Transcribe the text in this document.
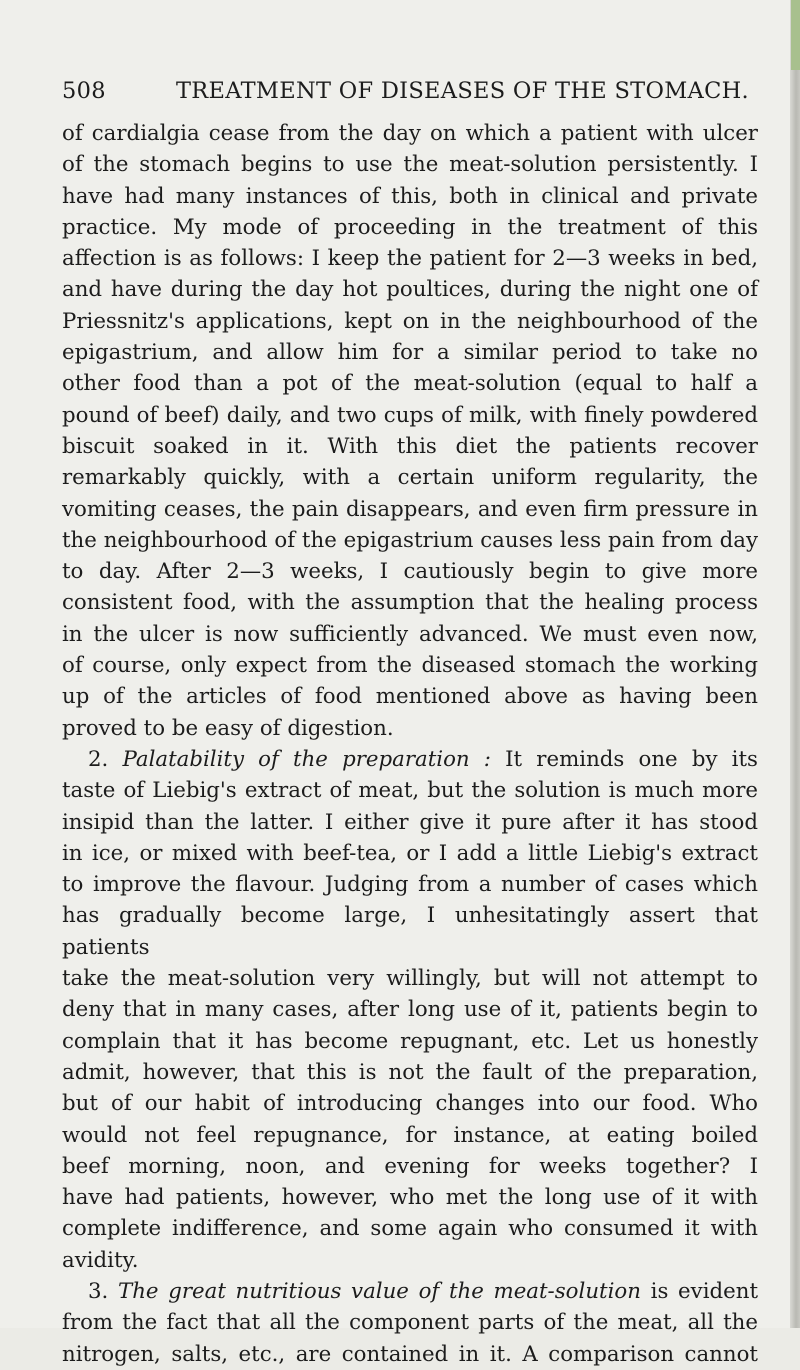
508	TREATMENT OF DISEASES OF THE STOMACH.

of cardialgia cease from the day on which a patient with ulcer

of the stomach begins to use the meat-solution persistently. I

have had many instances of this, both in clinical and private

practice. My mode of proceeding in the treatment of this

affection is as follows: I keep the patient for 2—3 weeks in bed,

and have during the day hot poultices, during the night one of

Priessnitz's applications, kept on in the neighbourhood of the

epigastrium, and allow him for a similar period to take no

other food than a pot of the meat-solution (equal to half a

pound of beef) daily, and two cups of milk, with finely powdered

biscuit soaked in it. With this diet the patients recover

remarkably quickly, with a certain uniform regularity, the

vomiting ceases, the pain disappears, and even firm pressure in

the neighbourhood of the epigastrium causes less pain from day

to day. After 2—3 weeks, I cautiously begin to give more

consistent food, with the assumption that the healing process

in the ulcer is now sufficiently advanced. We must even now,

of course, only expect from the diseased stomach the working

up of the articles of food mentioned above as having been

proved to be easy of digestion.

2. Palatability of the preparation : It reminds one by its

taste of Liebig's extract of meat, but the solution is much more

insipid than the latter. I either give it pure after it has stood

in ice, or mixed with beef-tea, or I add a little Liebig's extract

to improve the flavour. Judging from a number of cases which

has gradually become large, I unhesitatingly assert that patients

take the meat-solution very willingly, but will not attempt to

deny that in many cases, after long use of it, patients begin to

complain that it has become repugnant, etc. Let us honestly

admit, however, that this is not the fault of the preparation,

but of our habit of introducing changes into our food. Who

would not feel repugnance, for instance, at eating boiled

beef morning, noon, and evening for weeks together? I

have had patients, however, who met the long use of it with

complete indifference, and some again who consumed it with

avidity.

3. The great nutritious value of the meat-solution is evident

from the fact that all the component parts of the meat, all the

nitrogen, salts, etc., are contained in it. A comparison cannot
